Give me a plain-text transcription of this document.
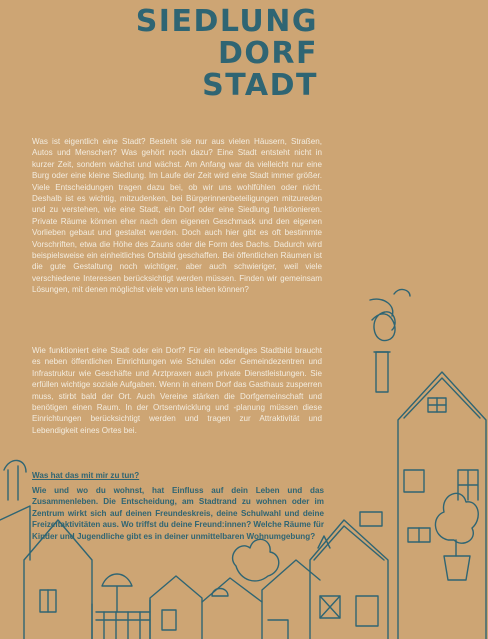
SIEDLUNG
DORF
STADT
Was ist eigentlich eine Stadt? Besteht sie nur aus vielen Häusern, Straßen, Autos und Menschen? Was gehört noch dazu? Eine Stadt entsteht nicht in kurzer Zeit, sondern wächst und wächst. Am Anfang war da vielleicht nur eine Burg oder eine kleine Siedlung. Im Laufe der Zeit wird eine Stadt immer größer. Viele Entscheidungen tragen dazu bei, ob wir uns wohlfühlen oder nicht. Deshalb ist es wichtig, mitzudenken, bei Bürgerinnenbeteiligungen mitzureden und zu verstehen, wie eine Stadt, ein Dorf oder eine Siedlung funktionieren. Private Räume können eher nach dem eigenen Geschmack und den eigenen Vorlieben gebaut und gestaltet werden. Doch auch hier gibt es oft bestimmte Vorschriften, etwa die Höhe des Zauns oder die Form des Dachs. Dadurch wird beispielsweise ein einheitliches Ortsbild geschaffen. Bei öffentlichen Räumen ist die gute Gestaltung noch wichtiger, aber auch schwieriger, weil viele verschiedene Interessen berücksichtigt werden müssen. Finden wir gemeinsam Lösungen, mit denen möglichst viele von uns leben können?
Wie funktioniert eine Stadt oder ein Dorf? Für ein lebendiges Stadtbild braucht es neben öffentlichen Einrichtungen wie Schulen oder Gemeindezentren und Infrastruktur wie Geschäfte und Arztpraxen auch private Dienstleistungen. Sie erfüllen wichtige soziale Aufgaben. Wenn in einem Dorf das Gasthaus zusperren muss, stirbt bald der Ort. Auch Vereine stärken die Dorfgemeinschaft und benötigen einen Raum. In der Ortsentwicklung und -planung müssen diese Einrichtungen berücksichtigt werden und tragen zur Attraktivität und Lebendigkeit eines Ortes bei.
Was hat das mit mir zu tun?
Wie und wo du wohnst, hat Einfluss auf dein Leben und das Zusammenleben. Die Entscheidung, am Stadtrand zu wohnen oder im Zentrum wirkt sich auf deinen Freundeskreis, deine Schulwahl und deine Freizeitaktivitäten aus. Wo triffst du deine Freund:innen? Welche Räume für Kinder und Jugendliche gibt es in deiner unmittelbaren Wohnumgebung?
